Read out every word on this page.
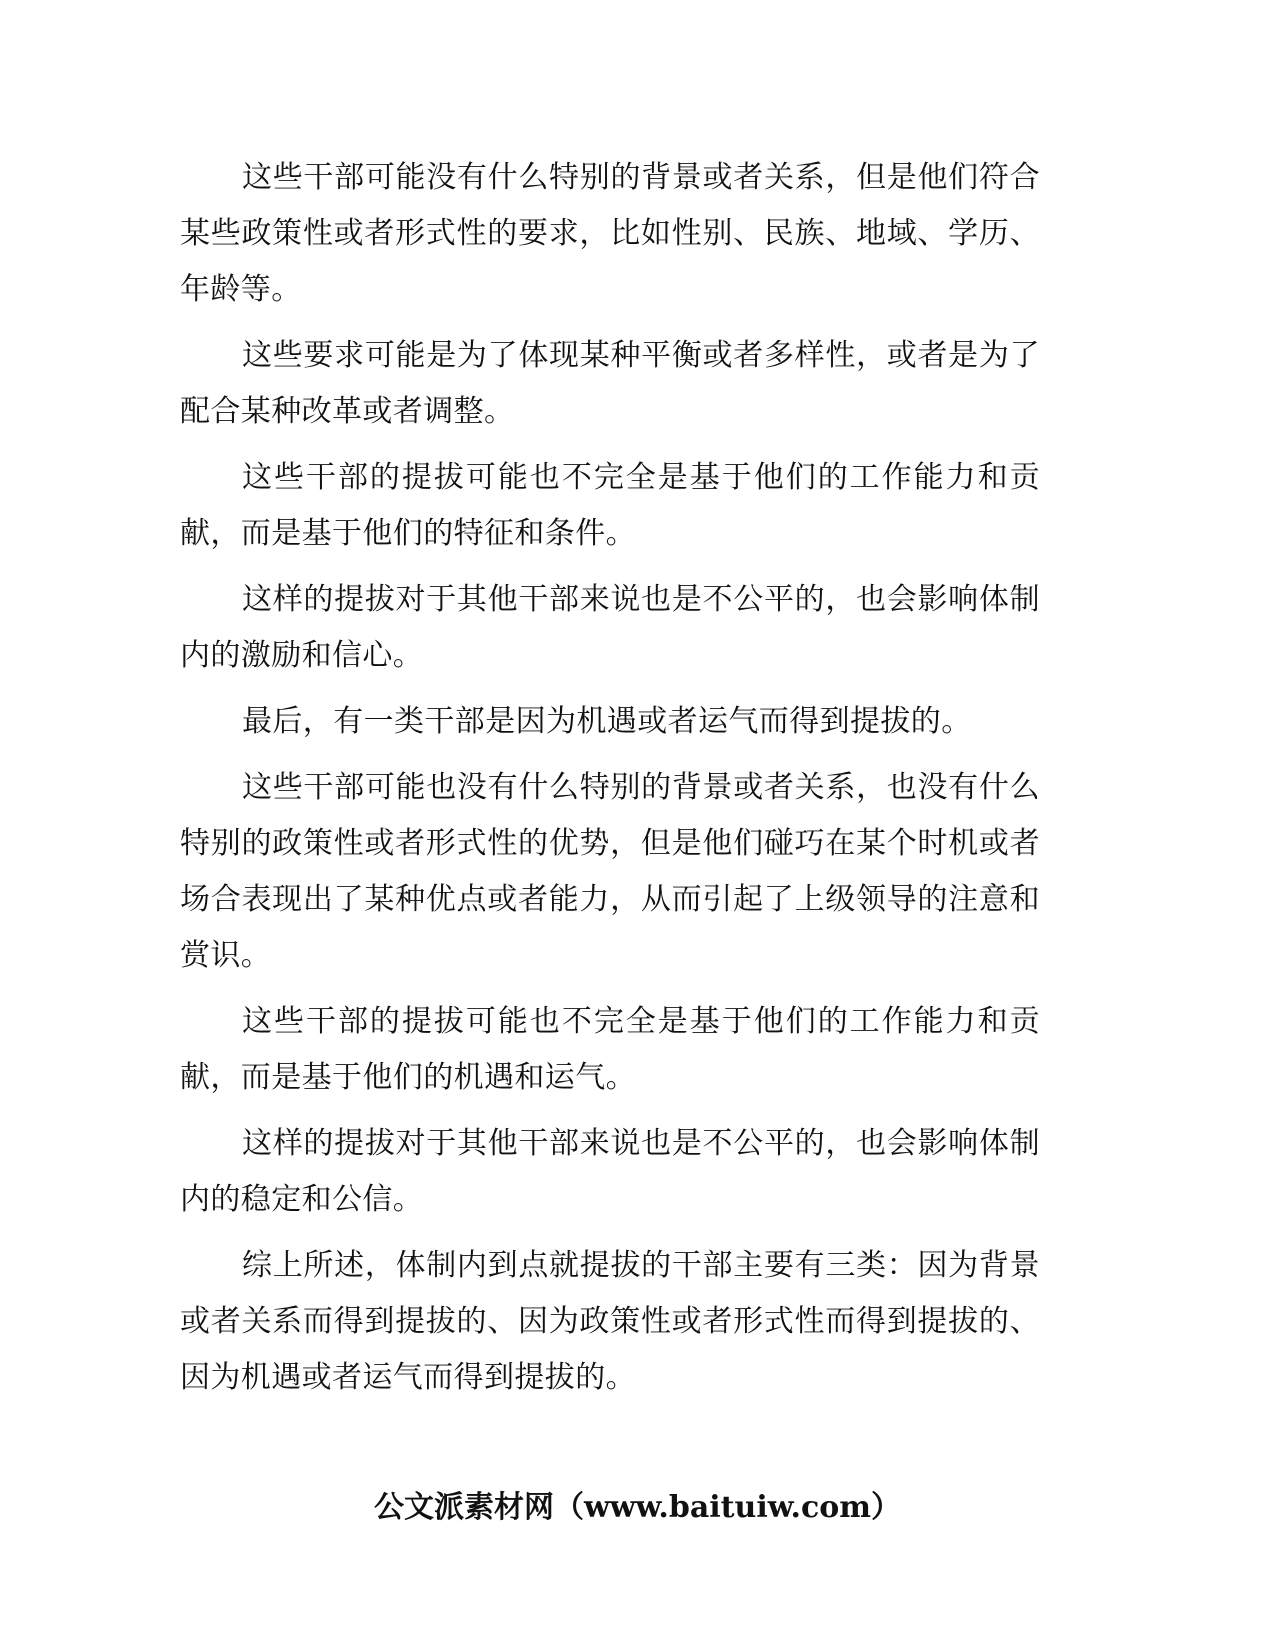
这些干部可能没有什么特别的背景或者关系，但是他们符合某些政策性或者形式性的要求，比如性别、民族、地域、学历、年龄等。

这些要求可能是为了体现某种平衡或者多样性，或者是为了配合某种改革或者调整。

这些干部的提拔可能也不完全是基于他们的工作能力和贡献，而是基于他们的特征和条件。

这样的提拔对于其他干部来说也是不公平的，也会影响体制内的激励和信心。

最后，有一类干部是因为机遇或者运气而得到提拔的。

这些干部可能也没有什么特别的背景或者关系，也没有什么特别的政策性或者形式性的优势，但是他们碰巧在某个时机或者场合表现出了某种优点或者能力，从而引起了上级领导的注意和赏识。

这些干部的提拔可能也不完全是基于他们的工作能力和贡献，而是基于他们的机遇和运气。

这样的提拔对于其他干部来说也是不公平的，也会影响体制内的稳定和公信。

综上所述，体制内到点就提拔的干部主要有三类：因为背景或者关系而得到提拔的、因为政策性或者形式性而得到提拔的、因为机遇或者运气而得到提拔的。

公文派素材网（www.baituiw.com）
